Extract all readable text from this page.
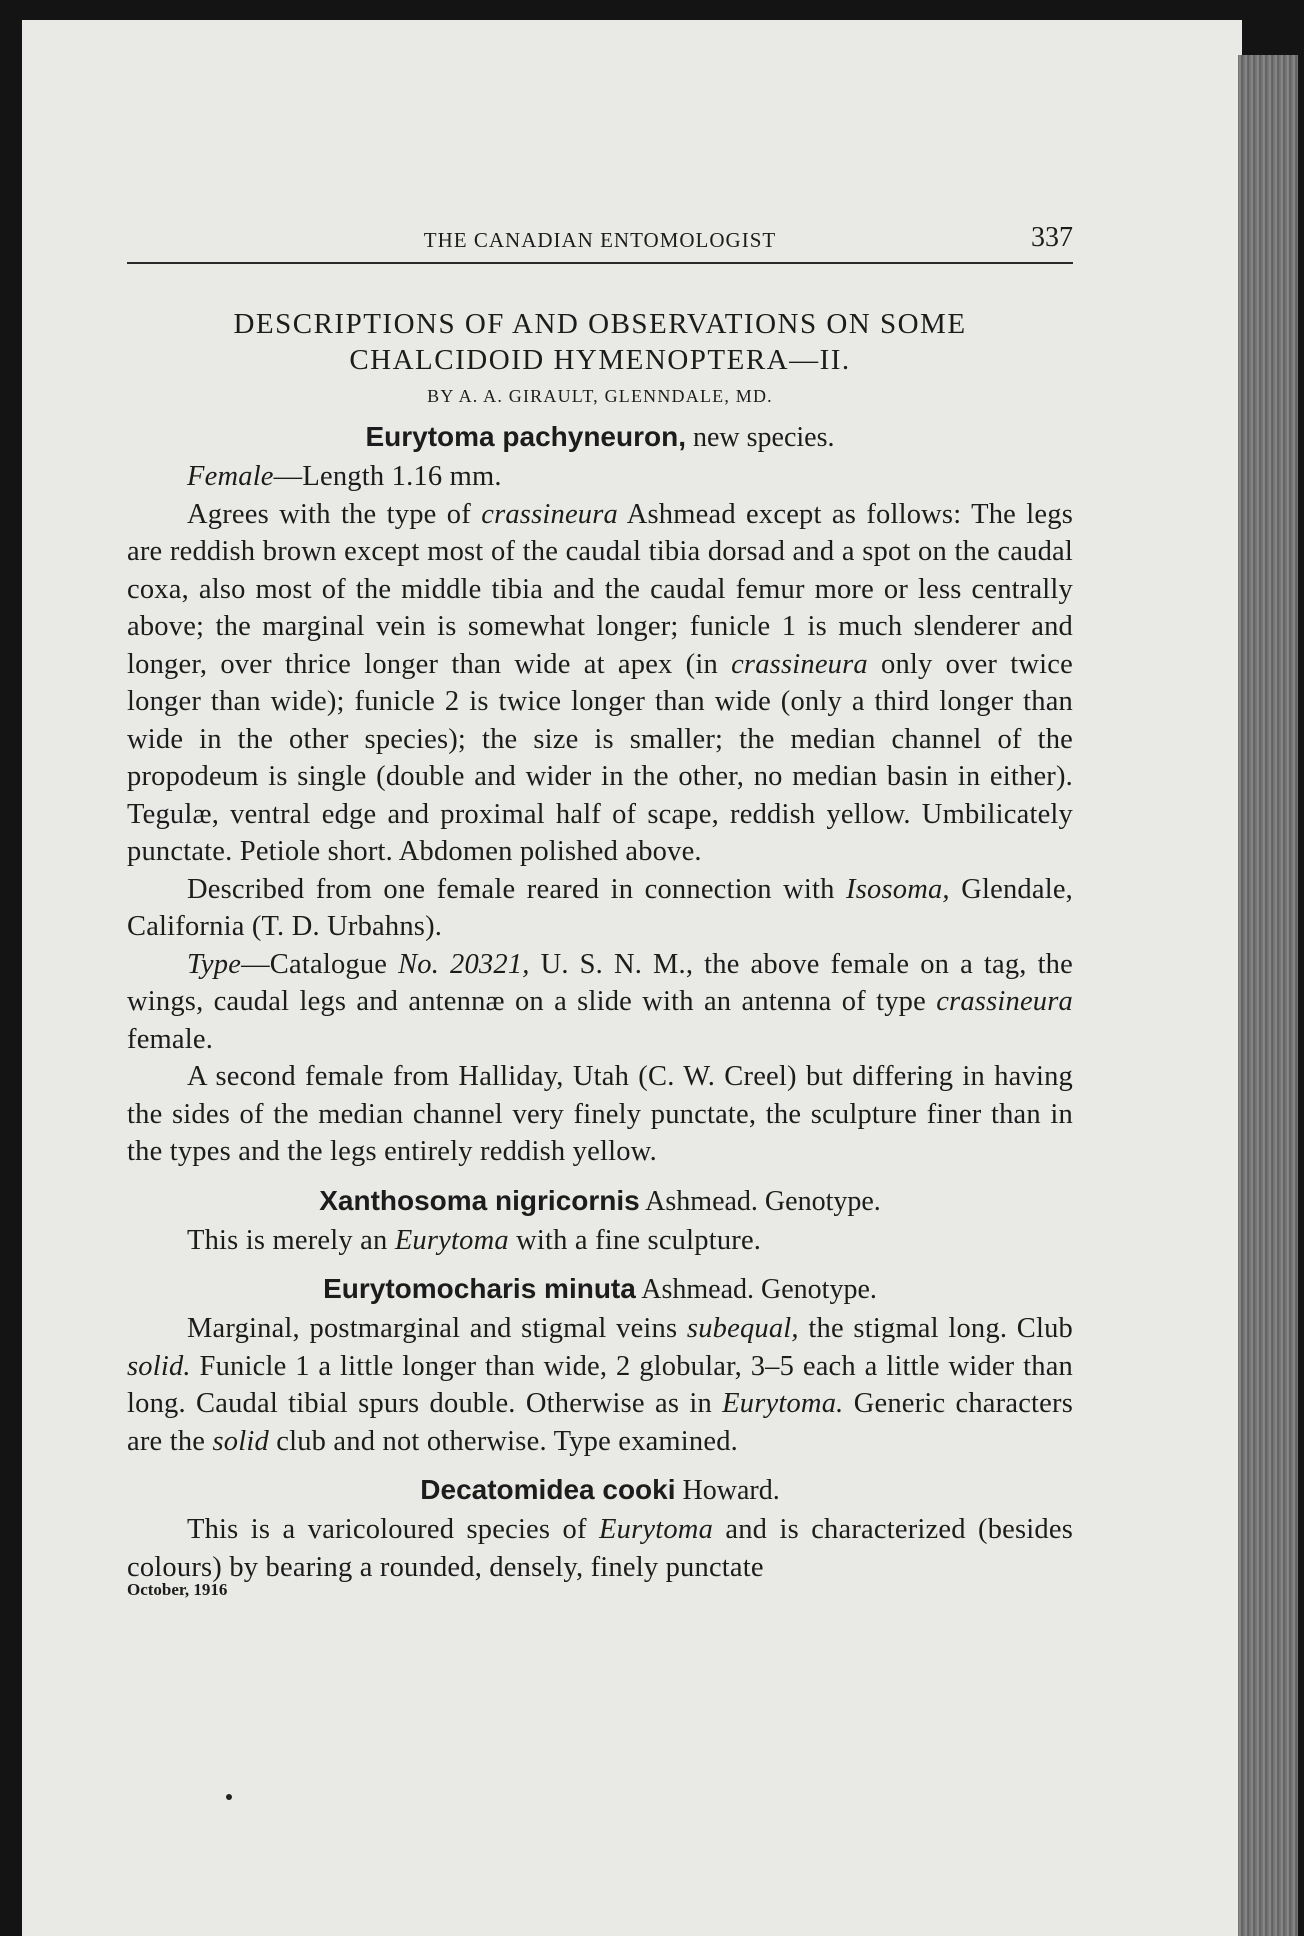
THE CANADIAN ENTOMOLOGIST	337
DESCRIPTIONS OF AND OBSERVATIONS ON SOME
CHALCIDOID HYMENOPTERA—II.
BY A. A. GIRAULT, GLENNDALE, MD.
Eurytoma pachyneuron, new species.

Female—Length 1.16 mm.

Agrees with the type of crassineura Ashmead except as follows: The legs are reddish brown except most of the caudal tibia dorsad and a spot on the caudal coxa, also most of the middle tibia and the caudal femur more or less centrally above; the marginal vein is somewhat longer; funicle 1 is much slenderer and longer, over thrice longer than wide at apex (in crassineura only over twice longer than wide); funicle 2 is twice longer than wide (only a third longer than wide in the other species); the size is smaller; the median channel of the propodeum is single (double and wider in the other, no median basin in either). Tegulæ, ventral edge and proximal half of scape, reddish yellow. Umbilicately punctate. Petiole short. Abdomen polished above.

Described from one female reared in connection with Isosoma, Glendale, California (T. D. Urbahns).

Type—Catalogue No. 20321, U. S. N. M., the above female on a tag, the wings, caudal legs and antennæ on a slide with an antenna of type crassineura female.

A second female from Halliday, Utah (C. W. Creel) but differing in having the sides of the median channel very finely punctate, the sculpture finer than in the types and the legs entirely reddish yellow.

Xanthosoma nigricornis Ashmead. Genotype.

This is merely an Eurytoma with a fine sculpture.

Eurytomocharis minuta Ashmead. Genotype.

Marginal, postmarginal and stigmal veins subequal, the stigmal long. Club solid. Funicle 1 a little longer than wide, 2 globular, 3–5 each a little wider than long. Caudal tibial spurs double. Otherwise as in Eurytoma. Generic characters are the solid club and not otherwise. Type examined.

Decatomidea cooki Howard.

This is a varicoloured species of Eurytoma and is characterized (besides colours) by bearing a rounded, densely, finely punctate

October, 1916
